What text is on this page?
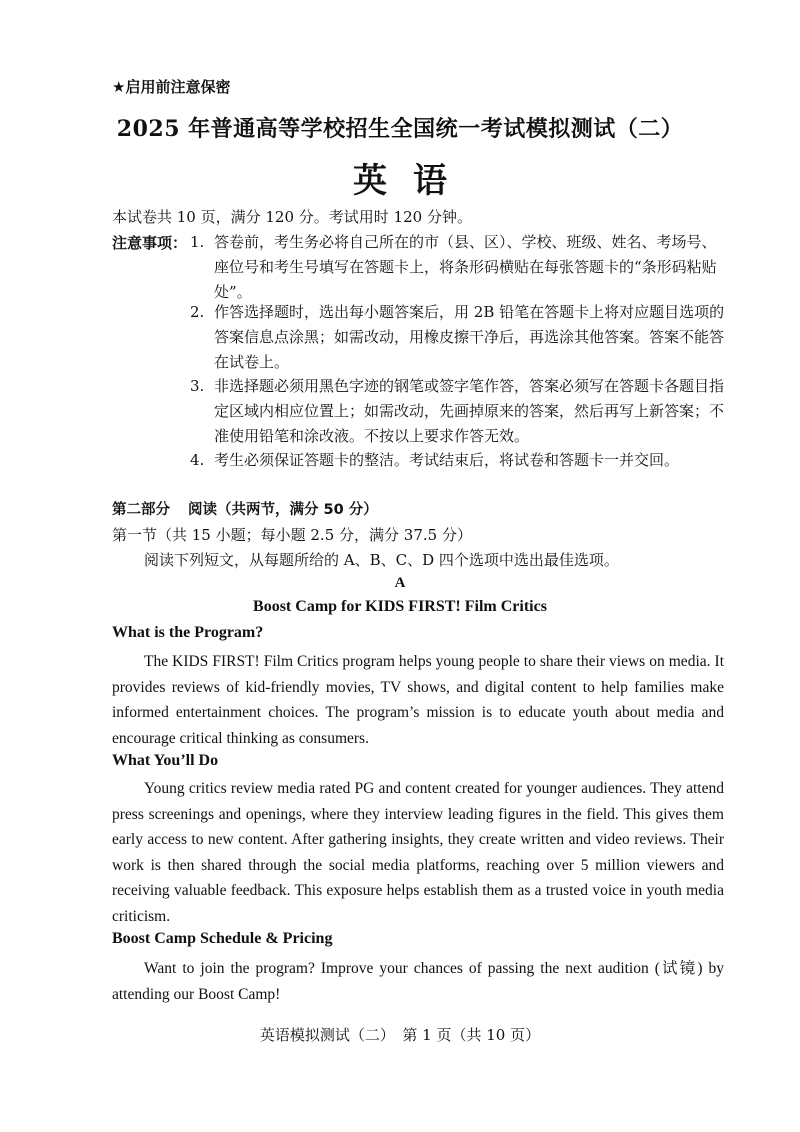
★启用前注意保密
2025 年普通高等学校招生全国统一考试模拟测试（二）
英语
本试卷共 10 页，满分 120 分。考试用时 120 分钟。
注意事项： 1. 答卷前，考生务必将自己所在的市（县、区）、学校、班级、姓名、考场号、座位号和考生号填写在答题卡上，将条形码横贴在每张答题卡的“条形码粘贴处”。
2. 作答选择题时，选出每小题答案后，用 2B 铅笔在答题卡上将对应题目选项的答案信息点涂黑；如需改动，用橡皮擦干净后，再选涂其他答案。答案不能答在试卷上。
3. 非选择题必须用黑色字迹的钢笔或签字笔作答，答案必须写在答题卡各题目指定区域内相应位置上；如需改动，先画掉原来的答案，然后再写上新答案；不准使用铅笔和涂改液。不按以上要求作答无效。
4. 考生必须保证答题卡的整洁。考试结束后，将试卷和答题卡一并交回。
第二部分 阅读（共两节，满分 50 分）
第一节（共 15 小题；每小题 2.5 分，满分 37.5 分）
阅读下列短文，从每题所给的 A、B、C、D 四个选项中选出最佳选项。
A
Boost Camp for KIDS FIRST! Film Critics
What is the Program?
The KIDS FIRST! Film Critics program helps young people to share their views on media. It provides reviews of kid-friendly movies, TV shows, and digital content to help families make informed entertainment choices. The program’s mission is to educate youth about media and encourage critical thinking as consumers.
What You’ll Do
Young critics review media rated PG and content created for younger audiences. They attend press screenings and openings, where they interview leading figures in the field. This gives them early access to new content. After gathering insights, they create written and video reviews. Their work is then shared through the social media platforms, reaching over 5 million viewers and receiving valuable feedback. This exposure helps establish them as a trusted voice in youth media criticism.
Boost Camp Schedule & Pricing
Want to join the program? Improve your chances of passing the next audition (试镜) by attending our Boost Camp!
英语模拟测试（二）　第 1 页（共 10 页）
